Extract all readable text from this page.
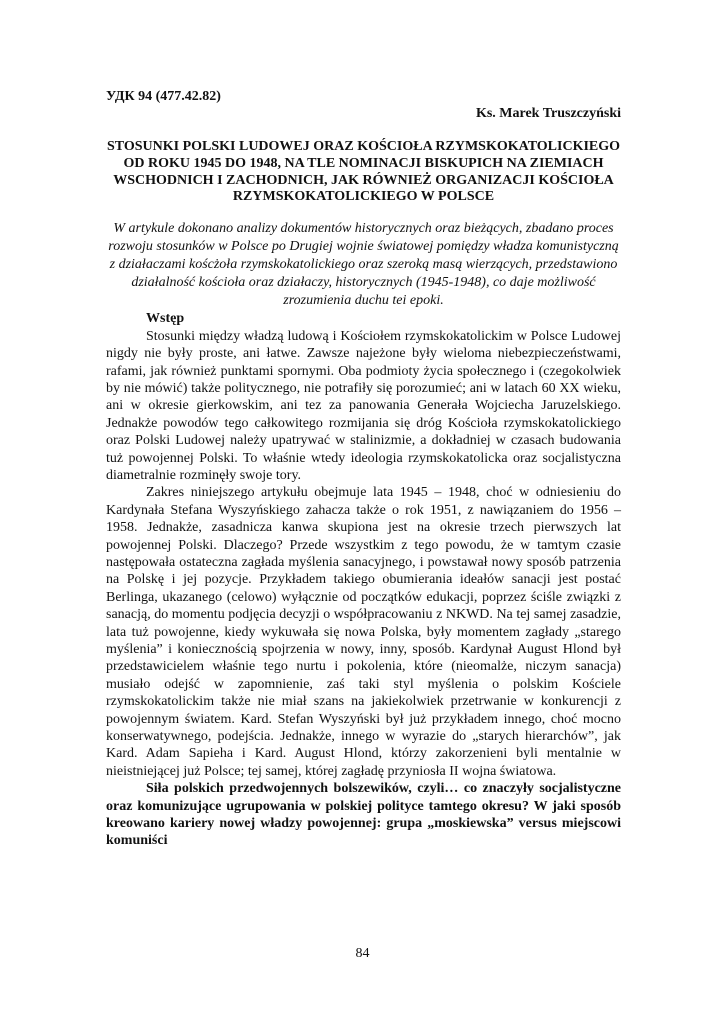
УДК 94 (477.42.82)
Ks. Marek Truszczyński
STOSUNKI POLSKI LUDOWEJ ORAZ KOŚCIOŁA RZYMSKOKATOLICKIEGO OD ROKU 1945 DO 1948, NA TLE NOMINACJI BISKUPICH NA ZIEMIACH WSCHODNICH I ZACHODNICH, JAK RÓWNIEŻ ORGANIZACJI KOŚCIOŁA RZYMSKOKATOLICKIEGO W POLSCE
W artykule dokonano analizy dokumentów historycznych oraz bieżących, zbadano proces rozwoju stosunków w Polsce po Drugiej wojnie światowej pomiędzy władza komunistyczną z działaczami koścżoła rzymskokatolickiego oraz szeroką masą wierzących, przedstawiono działalność kościoła oraz działaczy, historycznych (1945-1948), co daje możliwość zrozumienia duchu tei epoki.
Wstęp

Stosunki między władzą ludową i Kościołem rzymskokatolickim w Polsce Ludowej nigdy nie były proste, ani łatwe. Zawsze najeżone były wieloma niebezpieczeństwami, rafami, jak również punktami spornymi. Oba podmioty życia społecznego i (czegokolwiek by nie mówić) także politycznego, nie potrafiły się porozumieć; ani w latach 60 XX wieku, ani w okresie gierkowskim, ani tez za panowania Generała Wojciecha Jaruzelskiego. Jednakże powodów tego całkowitego rozmijania się dróg Kościoła rzymskokatolickiego oraz Polski Ludowej należy upatrywać w stalinizmie, a dokładniej w czasach budowania tuż powojennej Polski. To właśnie wtedy ideologia rzymskokatolicka oraz socjalistyczna diametralnie rozminęły swoje tory.

Zakres niniejszego artykułu obejmuje lata 1945 – 1948, choć w odniesieniu do Kardynała Stefana Wyszyńskiego zahacza także o rok 1951, z nawiązaniem do 1956 – 1958. Jednakże, zasadnicza kanwa skupiona jest na okresie trzech pierwszych lat powojennej Polski. Dlaczego? Przede wszystkim z tego powodu, że w tamtym czasie następowała ostateczna zagłada myślenia sanacyjnego, i powstawał nowy sposób patrzenia na Polskę i jej pozycje. Przykładem takiego obumierania ideałów sanacji jest postać Berlinga, ukazanego (celowo) wyłącznie od początków edukacji, poprzez ściśle związki z sanacją, do momentu podjęcia decyzji o współpracowaniu z NKWD. Na tej samej zasadzie, lata tuż powojenne, kiedy wykuwała się nowa Polska, były momentem zagłady „starego myślenia” i koniecznością spojrzenia w nowy, inny, sposób. Kardynał August Hlond był przedstawicielem właśnie tego nurtu i pokolenia, które (nieomalże, niczym sanacja) musiało odejść w zapomnienie, zaś taki styl myślenia o polskim Kościele rzymskokatolickim także nie miał szans na jakiekolwiek przetrwanie w konkurencji z powojennym światem. Kard. Stefan Wyszyński był już przykładem innego, choć mocno konserwatywnego, podejścia. Jednakże, innego w wyrazie do „starych hierarchów”, jak Kard. Adam Sapieha i Kard. August Hlond, którzy zakorzenieni byli mentalnie w nieistniejącej już Polsce; tej samej, której zagładę przyniosła II wojna światowa.

Siła polskich przedwojennych bolszewików, czyli… co znaczyły socjalistyczne oraz komunizujące ugrupowania w polskiej polityce tamtego okresu? W jaki sposób kreowano kariery nowej władzy powojennej: grupa „moskiewska” versus miejscowi komuniści

84
